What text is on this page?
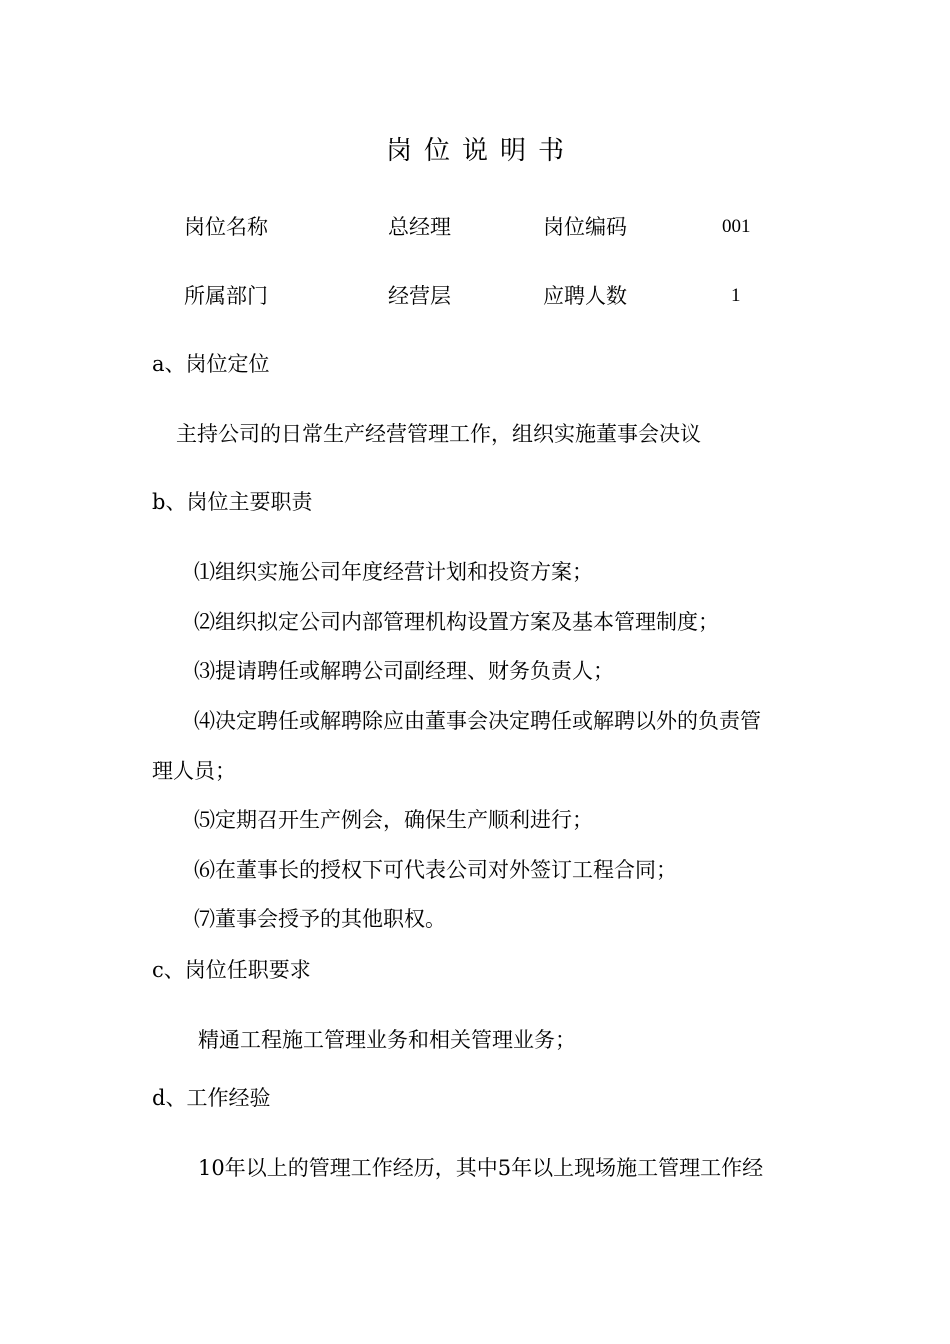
岗位说明书
岗位名称	总经理	岗位编码	001
所属部门	经营层	应聘人数	1
a、岗位定位
主持公司的日常生产经营管理工作，组织实施董事会决议
b、岗位主要职责
⑴组织实施公司年度经营计划和投资方案；
⑵组织拟定公司内部管理机构设置方案及基本管理制度；
⑶提请聘任或解聘公司副经理、财务负责人；
⑷决定聘任或解聘除应由董事会决定聘任或解聘以外的负责管
理人员；
⑸定期召开生产例会，确保生产顺利进行；
⑹在董事长的授权下可代表公司对外签订工程合同；
⑺董事会授予的其他职权。
c、岗位任职要求
精通工程施工管理业务和相关管理业务；
d、工作经验
10年以上的管理工作经历，其中5年以上现场施工管理工作经
